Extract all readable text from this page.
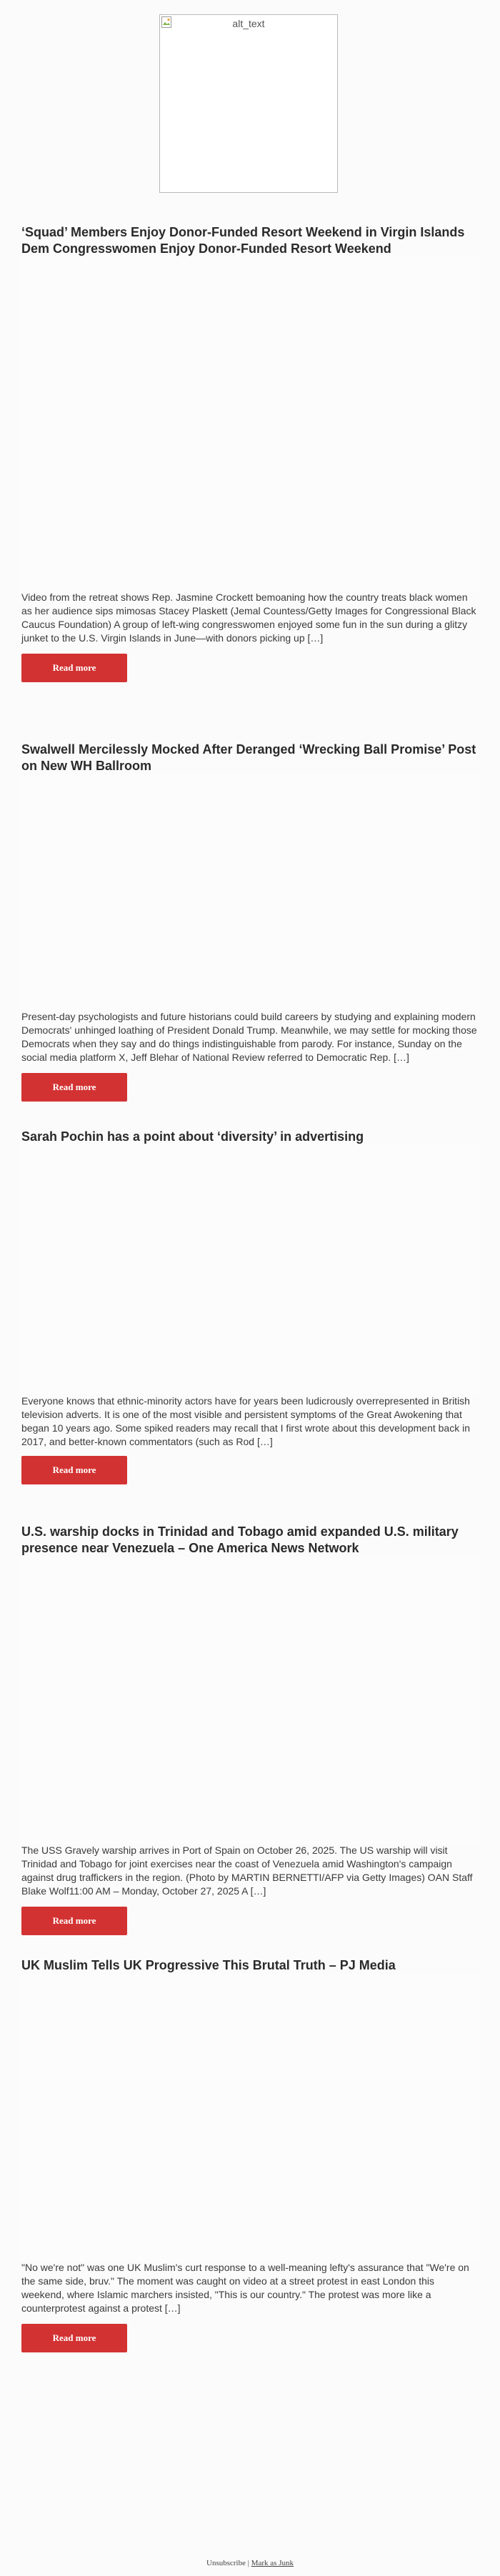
alt_text
‘Squad’ Members Enjoy Donor-Funded Resort Weekend in Virgin Islands Dem Congresswomen Enjoy Donor-Funded Resort Weekend

Video from the retreat shows Rep. Jasmine Crockett bemoaning how the country treats black women as her audience sips mimosas Stacey Plaskett (Jemal Countess/Getty Images for Congressional Black Caucus Foundation) A group of left-wing congresswomen enjoyed some fun in the sun during a glitzy junket to the U.S. Virgin Islands in June—with donors picking up […]

Read more
Swalwell Mercilessly Mocked After Deranged ‘Wrecking Ball Promise’ Post on New WH Ballroom

Present-day psychologists and future historians could build careers by studying and explaining modern Democrats' unhinged loathing of President Donald Trump. Meanwhile, we may settle for mocking those Democrats when they say and do things indistinguishable from parody. For instance, Sunday on the social media platform X, Jeff Blehar of National Review referred to Democratic Rep. […]

Read more
Sarah Pochin has a point about ‘diversity’ in advertising

Everyone knows that ethnic-minority actors have for years been ludicrously overrepresented in British television adverts. It is one of the most visible and persistent symptoms of the Great Awokening that began 10 years ago. Some spiked readers may recall that I first wrote about this development back in 2017, and better-known commentators (such as Rod […]

Read more
U.S. warship docks in Trinidad and Tobago amid expanded U.S. military presence near Venezuela – One America News Network

The USS Gravely warship arrives in Port of Spain on October 26, 2025. The US warship will visit Trinidad and Tobago for joint exercises near the coast of Venezuela amid Washington's campaign against drug traffickers in the region. (Photo by MARTIN BERNETTI/AFP via Getty Images) OAN Staff Blake Wolf11:00 AM – Monday, October 27, 2025 A […]

Read more
UK Muslim Tells UK Progressive This Brutal Truth – PJ Media

"No we're not" was one UK Muslim's curt response to a well-meaning lefty's assurance that "We're on the same side, bruv." The moment was caught on video at a street protest in east London this weekend, where Islamic marchers insisted, "This is our country." The protest was more like a counterprotest against a protest […]

Read more
Unsubscribe | Mark as Junk
